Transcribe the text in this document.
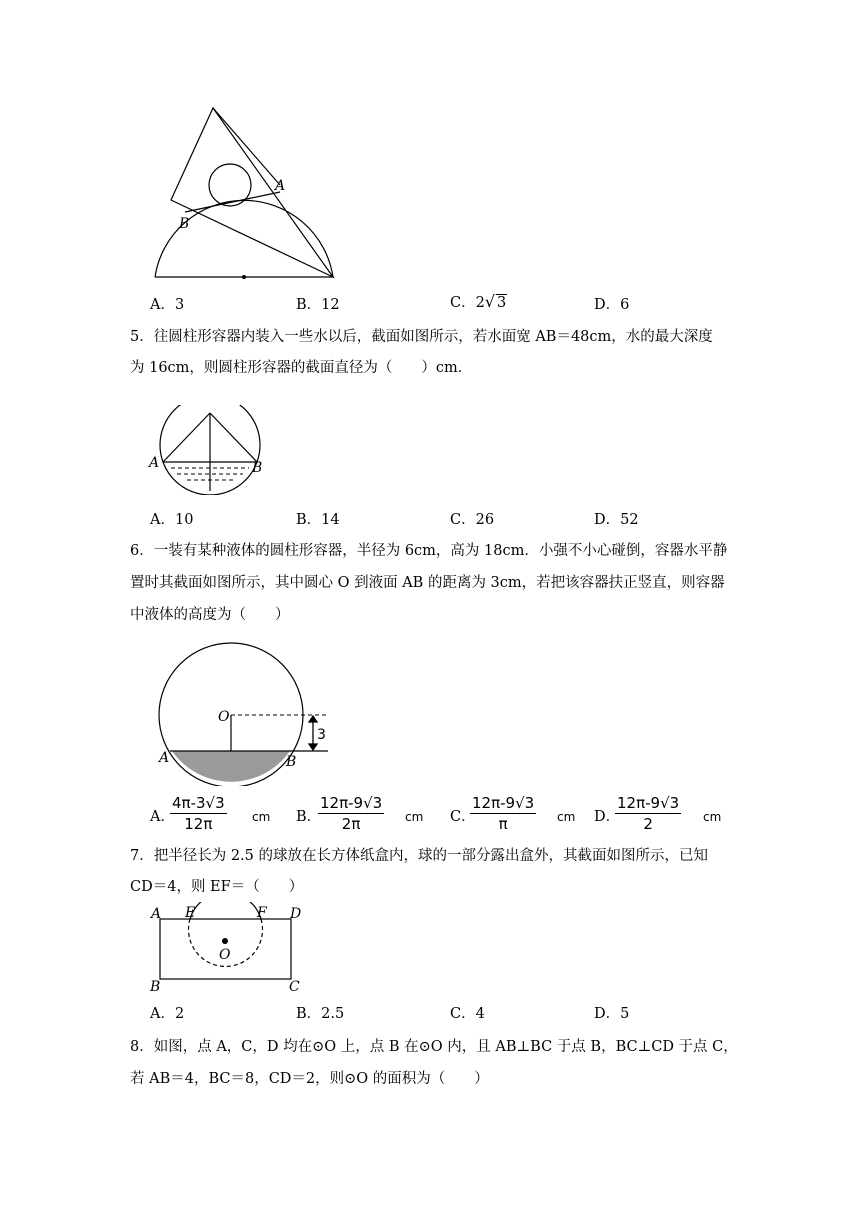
A
B
A．3	B．12	C．2√ 3	D．6
5．往圆柱形容器内装入一些水以后，截面如图所示，若水面宽 AB＝48cm，水的最大深度
为 16cm，则圆柱形容器的截面直径为（　　）cm．
A	B
A．10	B．14	C．26	D．52
6．一装有某种液体的圆柱形容器，半径为 6cm，高为 18cm．小强不小心碰倒，容器水平静
置时其截面如图所示，其中圆心 O 到液面 AB 的距离为 3cm，若把该容器扶正竖直，则容器
中液体的高度为（　　）
O
A	B
3
A．
$\frac{4\pi-3√3}{12\pi}$ cm B．
$\frac{12\pi-9√3}{2\pi}$ cm C．
$\frac{12\pi-9√3}{\pi}$ cm D．
$\frac{12\pi-9√3}{2}$ cm
7．把半径长为 2.5 的球放在长方体纸盒内，球的一部分露出盒外，其截面如图所示，已知
CD＝4，则 EF＝（　　）
A E	F D
O
B	C
A．2	B．2.5	C．4	D．5
8．如图，点 A，C，D 均在⊙O 上，点 B 在⊙O 内，且 AB⊥BC 于点 B，BC⊥CD 于点 C，
若 AB＝4，BC＝8，CD＝2，则⊙O 的面积为（　　）
